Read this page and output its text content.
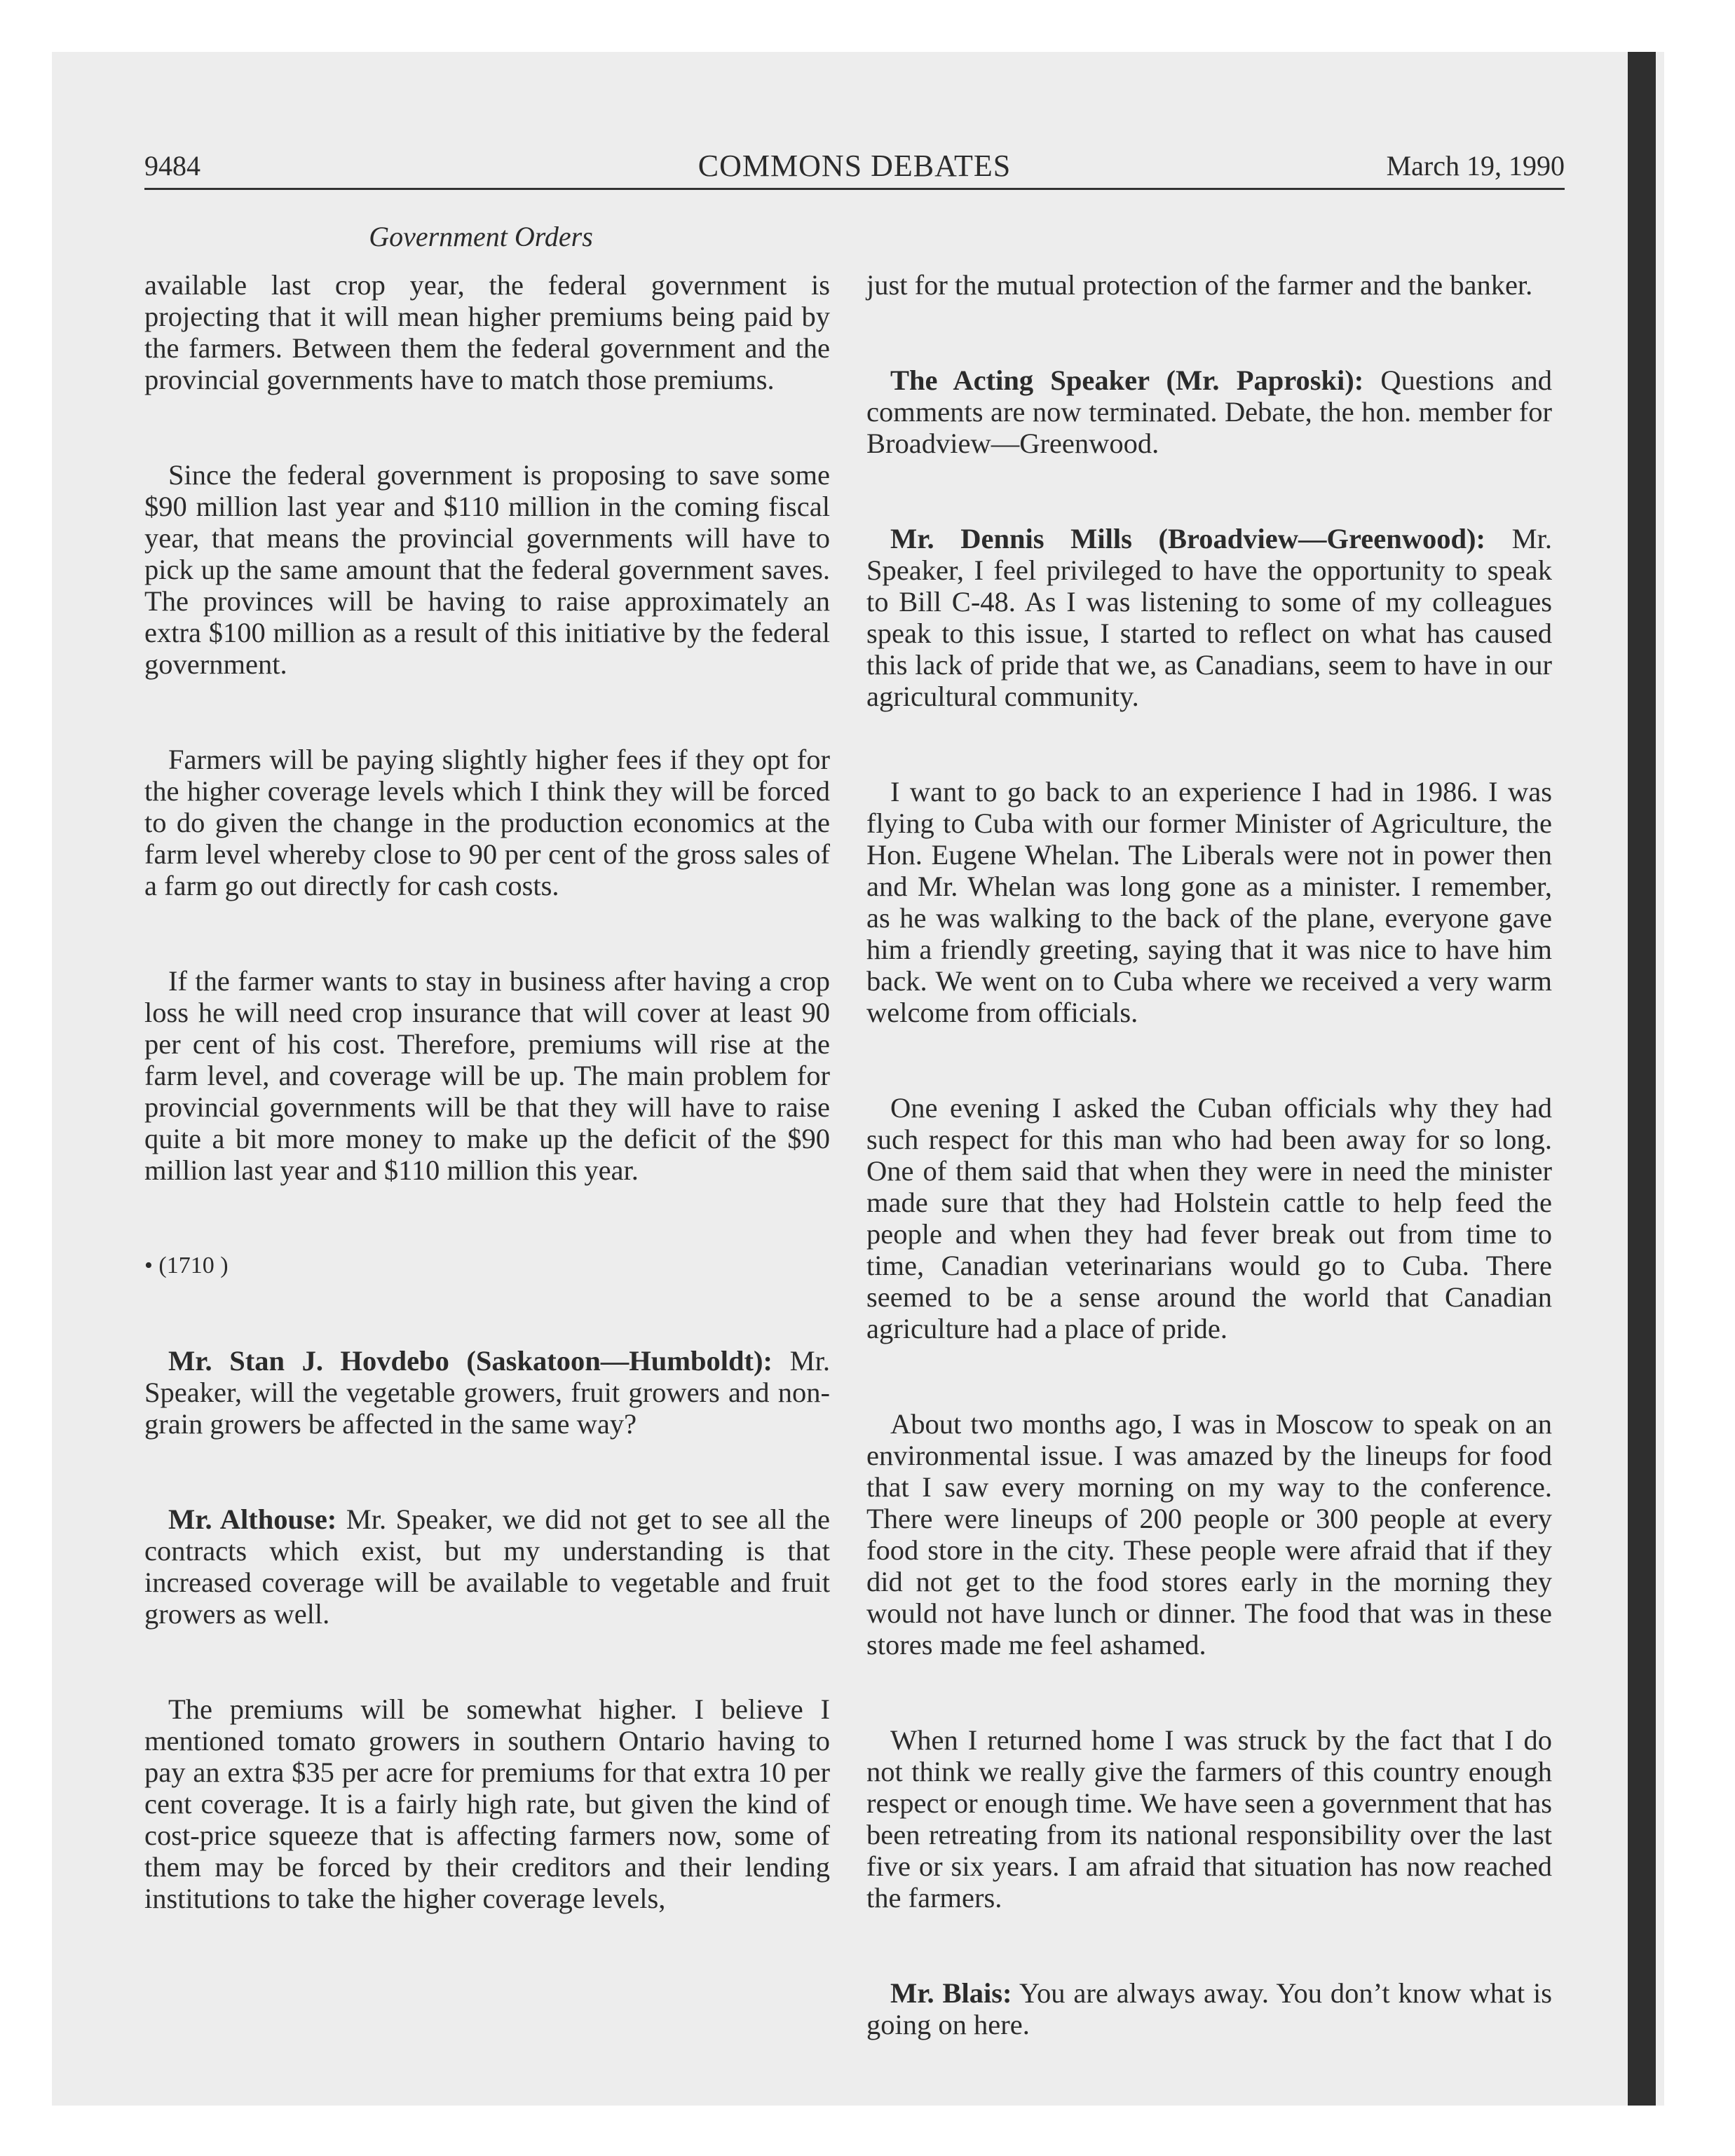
9484	COMMONS DEBATES	March 19, 1990
Government Orders

available last crop year, the federal government is projecting that it will mean higher premiums being paid by the farmers. Between them the federal government and the provincial governments have to match those premiums.

Since the federal government is proposing to save some $90 million last year and $110 million in the coming fiscal year, that means the provincial governments will have to pick up the same amount that the federal government saves. The provinces will be having to raise approximately an extra $100 million as a result of this initiative by the federal government.

Farmers will be paying slightly higher fees if they opt for the higher coverage levels which I think they will be forced to do given the change in the production economics at the farm level whereby close to 90 per cent of the gross sales of a farm go out directly for cash costs.

If the farmer wants to stay in business after having a crop loss he will need crop insurance that will cover at least 90 per cent of his cost. Therefore, premiums will rise at the farm level, and coverage will be up. The main problem for provincial governments will be that they will have to raise quite a bit more money to make up the deficit of the $90 million last year and $110 million this year.

• (1710 )

Mr. Stan J. Hovdebo (Saskatoon—Humboldt): Mr. Speaker, will the vegetable growers, fruit growers and non-grain growers be affected in the same way?

Mr. Althouse: Mr. Speaker, we did not get to see all the contracts which exist, but my understanding is that increased coverage will be available to vegetable and fruit growers as well.

The premiums will be somewhat higher. I believe I mentioned tomato growers in southern Ontario having to pay an extra $35 per acre for premiums for that extra 10 per cent coverage. It is a fairly high rate, but given the kind of cost-price squeeze that is affecting farmers now, some of them may be forced by their creditors and their lending institutions to take the higher coverage levels,

just for the mutual protection of the farmer and the banker.

The Acting Speaker (Mr. Paproski): Questions and comments are now terminated. Debate, the hon. member for Broadview—Greenwood.

Mr. Dennis Mills (Broadview—Greenwood): Mr. Speaker, I feel privileged to have the opportunity to speak to Bill C-48. As I was listening to some of my colleagues speak to this issue, I started to reflect on what has caused this lack of pride that we, as Canadians, seem to have in our agricultural community.

I want to go back to an experience I had in 1986. I was flying to Cuba with our former Minister of Agriculture, the Hon. Eugene Whelan. The Liberals were not in power then and Mr. Whelan was long gone as a minister. I remember, as he was walking to the back of the plane, everyone gave him a friendly greeting, saying that it was nice to have him back. We went on to Cuba where we received a very warm welcome from officials.

One evening I asked the Cuban officials why they had such respect for this man who had been away for so long. One of them said that when they were in need the minister made sure that they had Holstein cattle to help feed the people and when they had fever break out from time to time, Canadian veterinarians would go to Cuba. There seemed to be a sense around the world that Canadian agriculture had a place of pride.

About two months ago, I was in Moscow to speak on an environmental issue. I was amazed by the lineups for food that I saw every morning on my way to the conference. There were lineups of 200 people or 300 people at every food store in the city. These people were afraid that if they did not get to the food stores early in the morning they would not have lunch or dinner. The food that was in these stores made me feel ashamed.

When I returned home I was struck by the fact that I do not think we really give the farmers of this country enough respect or enough time. We have seen a government that has been retreating from its national responsibility over the last five or six years. I am afraid that situation has now reached the farmers.

Mr. Blais: You are always away. You don’t know what is going on here.
